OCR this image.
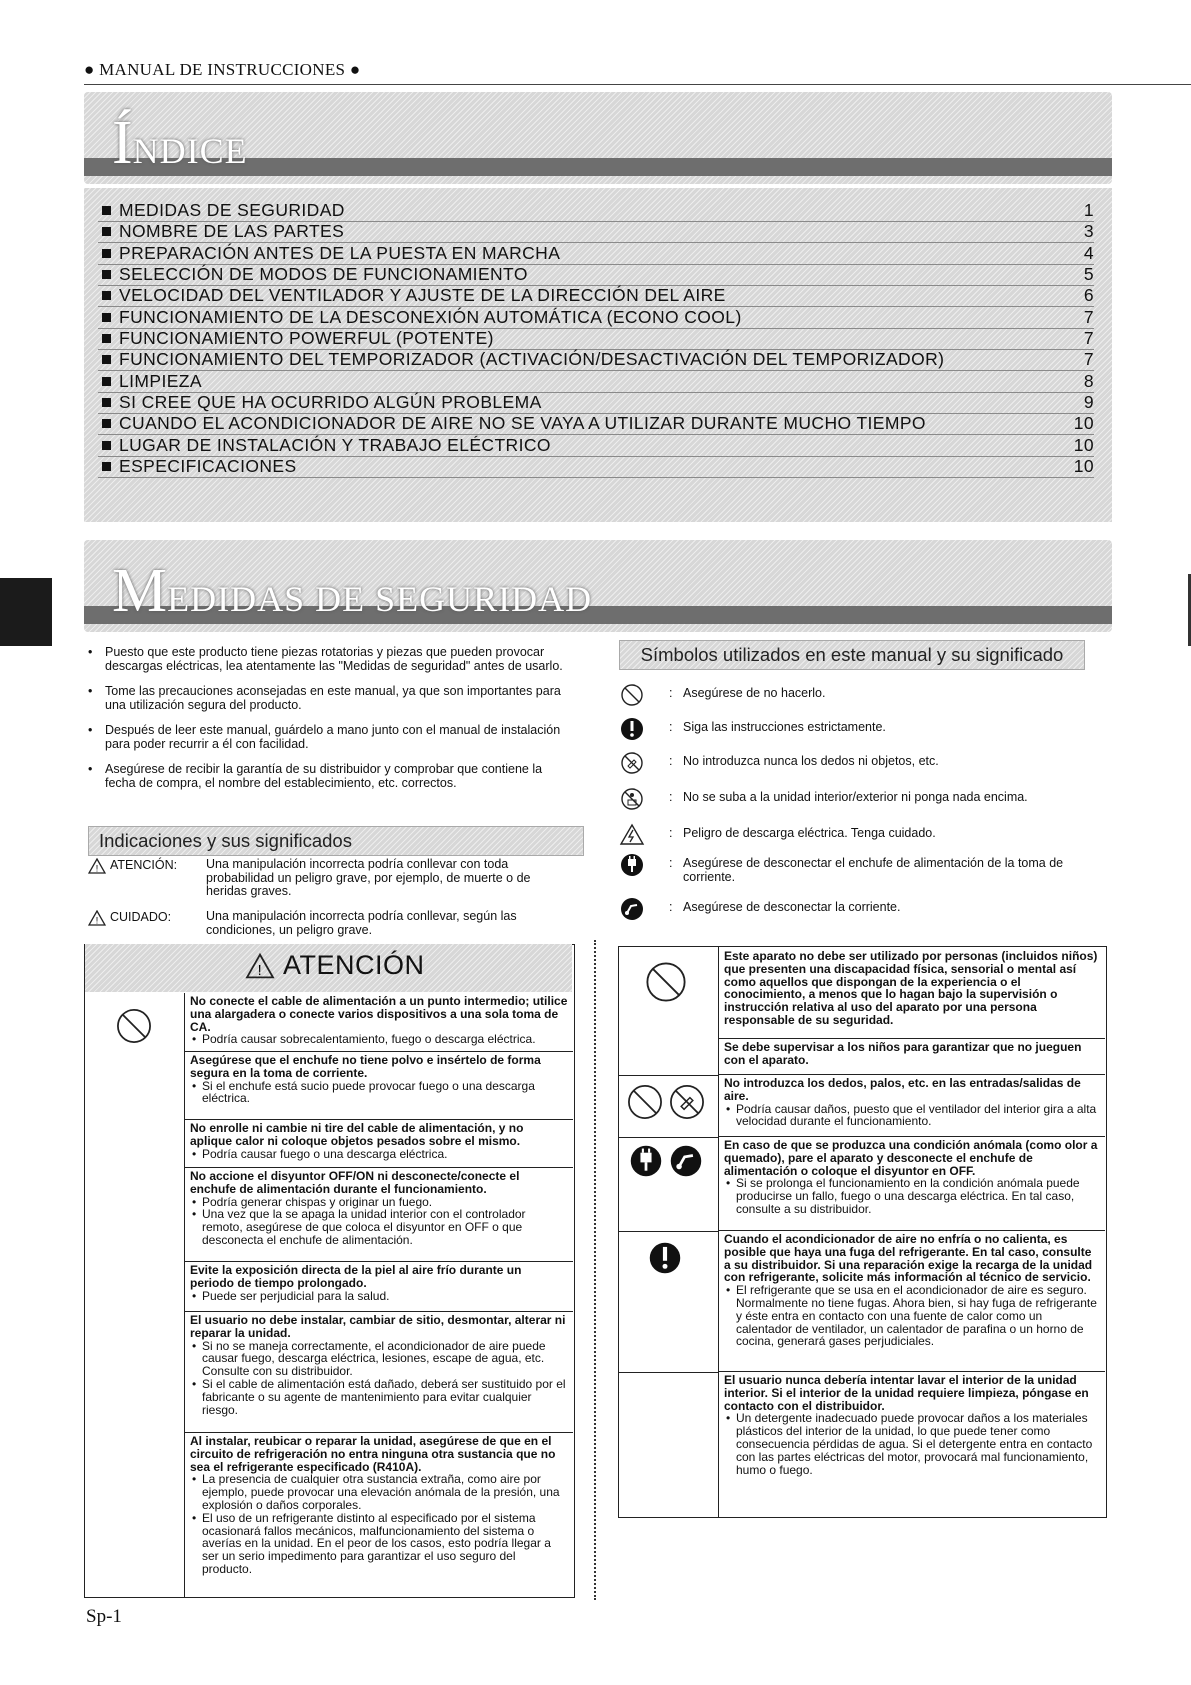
● MANUAL DE INSTRUCCIONES ●
ÍNDICE
MEDIDAS DE SEGURIDAD	1
NOMBRE DE LAS PARTES	3
PREPARACIÓN ANTES DE LA PUESTA EN MARCHA	4
SELECCIÓN DE MODOS DE FUNCIONAMIENTO	5
VELOCIDAD DEL VENTILADOR Y AJUSTE DE LA DIRECCIÓN DEL AIRE	6
FUNCIONAMIENTO DE LA DESCONEXIÓN AUTOMÁTICA (ECONO COOL)	7
FUNCIONAMIENTO POWERFUL (POTENTE)	7
FUNCIONAMIENTO DEL TEMPORIZADOR (ACTIVACIÓN/DESACTIVACIÓN DEL TEMPORIZADOR)	7
LIMPIEZA	8
SI CREE QUE HA OCURRIDO ALGÚN PROBLEMA	9
CUANDO EL ACONDICIONADOR DE AIRE NO SE VAYA A UTILIZAR DURANTE MUCHO TIEMPO	10
LUGAR DE INSTALACIÓN Y TRABAJO ELÉCTRICO	10
ESPECIFICACIONES	10
MEDIDAS DE SEGURIDAD
• Puesto que este producto tiene piezas rotatorias y piezas que pueden provocar descargas eléctricas, lea atentamente las "Medidas de seguridad" antes de usarlo.
• Tome las precauciones aconsejadas en este manual, ya que son importantes para una utilización segura del producto.
• Después de leer este manual, guárdelo a mano junto con el manual de instalación para poder recurrir a él con facilidad.
• Asegúrese de recibir la garantía de su distribuidor y comprobar que contiene la fecha de compra, el nombre del establecimiento, etc. correctos.
Indicaciones y sus significados
! ATENCIÓN: Una manipulación incorrecta podría conllevar con toda probabilidad un peligro grave, por ejemplo, de muerte o de heridas graves.
! CUIDADO:	Una manipulación incorrecta podría conllevar, según las condiciones, un peligro grave.
Símbolos utilizados en este manual y su significado
: Asegúrese de no hacerlo.
: Siga las instrucciones estrictamente.
: No introduzca nunca los dedos ni objetos, etc.
: No se suba a la unidad interior/exterior ni ponga nada encima.
: Peligro de descarga eléctrica. Tenga cuidado.
: Asegúrese de desconectar el enchufe de alimentación de la toma de corriente.
: Asegúrese de desconectar la corriente.
! ATENCIÓN
No conecte el cable de alimentación a un punto intermedio; utilice una alargadera o conecte varios dispositivos a una sola toma de CA.
• Podría causar sobrecalentamiento, fuego o descarga eléctrica.
Asegúrese que el enchufe no tiene polvo e insértelo de forma segura en la toma de corriente.
• Si el enchufe está sucio puede provocar fuego o una descarga eléctrica.
No enrolle ni cambie ni tire del cable de alimentación, y no aplique calor ni coloque objetos pesados sobre el mismo.
• Podría causar fuego o una descarga eléctrica.
No accione el disyuntor OFF/ON ni desconecte/conecte el enchufe de alimentación durante el funcionamiento.
• Podría generar chispas y originar un fuego.
• Una vez que la se apaga la unidad interior con el controlador remoto, asegúrese de que coloca el disyuntor en OFF o que desconecta el enchufe de alimentación.
Evite la exposición directa de la piel al aire frío durante un periodo de tiempo prolongado.
• Puede ser perjudicial para la salud.
El usuario no debe instalar, cambiar de sitio, desmontar, alterar ni reparar la unidad.
• Si no se maneja correctamente, el acondicionador de aire puede causar fuego, descarga eléctrica, lesiones, escape de agua, etc. Consulte con su distribuidor.
• Si el cable de alimentación está dañado, deberá ser sustituido por el fabricante o su agente de mantenimiento para evitar cualquier riesgo.
Al instalar, reubicar o reparar la unidad, asegúrese de que en el circuito de refrigeración no entra ninguna otra sustancia que no sea el refrigerante especificado (R410A).
• La presencia de cualquier otra sustancia extraña, como aire por ejemplo, puede provocar una elevación anómala de la presión, una explosión o daños corporales.
• El uso de un refrigerante distinto al especificado por el sistema ocasionará fallos mecánicos, malfuncionamiento del sistema o averías en la unidad. En el peor de los casos, esto podría llegar a ser un serio impedimento para garantizar el uso seguro del producto.
Este aparato no debe ser utilizado por personas (incluidos niños) que presenten una discapacidad física, sensorial o mental así como aquellos que dispongan de la experiencia o el conocimiento, a menos que lo hagan bajo la supervisión o instrucción relativa al uso del aparato por una persona responsable de su seguridad.
Se debe supervisar a los niños para garantizar que no jueguen con el aparato.
No introduzca los dedos, palos, etc. en las entradas/salidas de aire.
• Podría causar daños, puesto que el ventilador del interior gira a alta velocidad durante el funcionamiento.
En caso de que se produzca una condición anómala (como olor a quemado), pare el aparato y desconecte el enchufe de alimentación o coloque el disyuntor en OFF.
• Si se prolonga el funcionamiento en la condición anómala puede producirse un fallo, fuego o una descarga eléctrica. En tal caso, consulte a su distribuidor.
Cuando el acondicionador de aire no enfría o no calienta, es posible que haya una fuga del refrigerante. En tal caso, consulte a su distribuidor. Si una reparación exige la recarga de la unidad con refrigerante, solicite más información al técnico de servicio.
• El refrigerante que se usa en el acondicionador de aire es seguro. Normalmente no tiene fugas. Ahora bien, si hay fuga de refrigerante y éste entra en contacto con una fuente de calor como un calentador de ventilador, un calentador de parafina o un horno de cocina, generará gases perjudiciales.
El usuario nunca debería intentar lavar el interior de la unidad interior. Si el interior de la unidad requiere limpieza, póngase en contacto con el distribuidor.
• Un detergente inadecuado puede provocar daños a los materiales plásticos del interior de la unidad, lo que puede tener como consecuencia pérdidas de agua. Si el detergente entra en contacto con las partes eléctricas del motor, provocará mal funcionamiento, humo o fuego.
Sp-1
